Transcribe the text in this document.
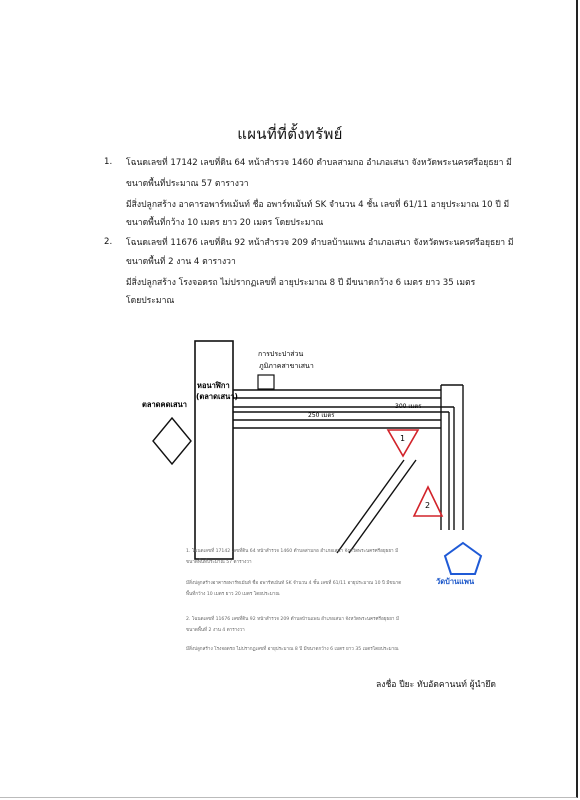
แผนที่ที่ตั้งทรัพย์
1. โฉนดเลขที่ 17142 เลขที่ดิน 64 หน้าสำรวจ 1460 ตำบลสามกอ อำเภอเสนา จังหวัดพระนครศรีอยุธยา มี
ขนาดพื้นที่ประมาณ 57 ตารางวา
มีสิ่งปลูกสร้าง อาคารอพาร์ทเม้นท์ ชื่อ อพาร์ทเม้นท์ SK จำนวน 4 ชั้น เลขที่ 61/11 อายุประมาณ 10 ปี มี
ขนาดพื้นที่กว้าง 10 เมตร ยาว 20 เมตร โดยประมาณ
2. โฉนดเลขที่ 11676 เลขที่ดิน 92 หน้าสำรวจ 209 ตำบลบ้านแพน อำเภอเสนา จังหวัดพระนครศรีอยุธยา มี
ขนาดพื้นที่ 2 งาน 4 ตารางวา
มีสิ่งปลูกสร้าง โรงจอดรถ ไม่ปรากฏเลขที่ อายุประมาณ 8 ปี มีขนาดกว้าง 6 เมตร ยาว 35 เมตร
โดยประมาณ
การประปาส่วน
ภูมิภาคสาขาเสนา
หอนาฬิกา
(ตลาดเสนา)
ตลาดคดเสนา	300 เมตร
250 เมตร
1
2
วัดบ้านแพน
1. โฉนดเลขที่ 17142 เลขที่ดิน 64 หน้าสำรวจ 1460 ตำบลสามกอ อำเภอเสนา จังหวัดพระนครศรีอยุธยา มี
ขนาดพื้นที่ประมาณ 57 ตารางวา
มีสิ่งปลูกสร้างอาคารอพาร์ทเม้นท์ ชื่อ อพาร์ทเม้นท์ SK จำนวน 4 ชั้น เลขที่ 61/11 อายุประมาณ 10 ปี มีขนาด
พื้นที่กว้าง 10 เมตร ยาว 20 เมตร โดยประมาณ
2. โฉนดเลขที่ 11676 เลขที่ดิน 92 หน้าสำรวจ 209 ตำบลบ้านแพน อำเภอเสนา จังหวัดพระนครศรีอยุธยา มี
ขนาดพื้นที่ 2 งาน 4 ตารางวา
มีสิ่งปลูกสร้าง โรงจอดรถ ไม่ปรากฏเลขที่ อายุประมาณ 8 ปี มีขนาดกว้าง 6 เมตร ยาว 35 เมตรโดยประมาณ
ลงชื่อ ปียะ ทับอัตคานนท์ ผู้นำยึด
